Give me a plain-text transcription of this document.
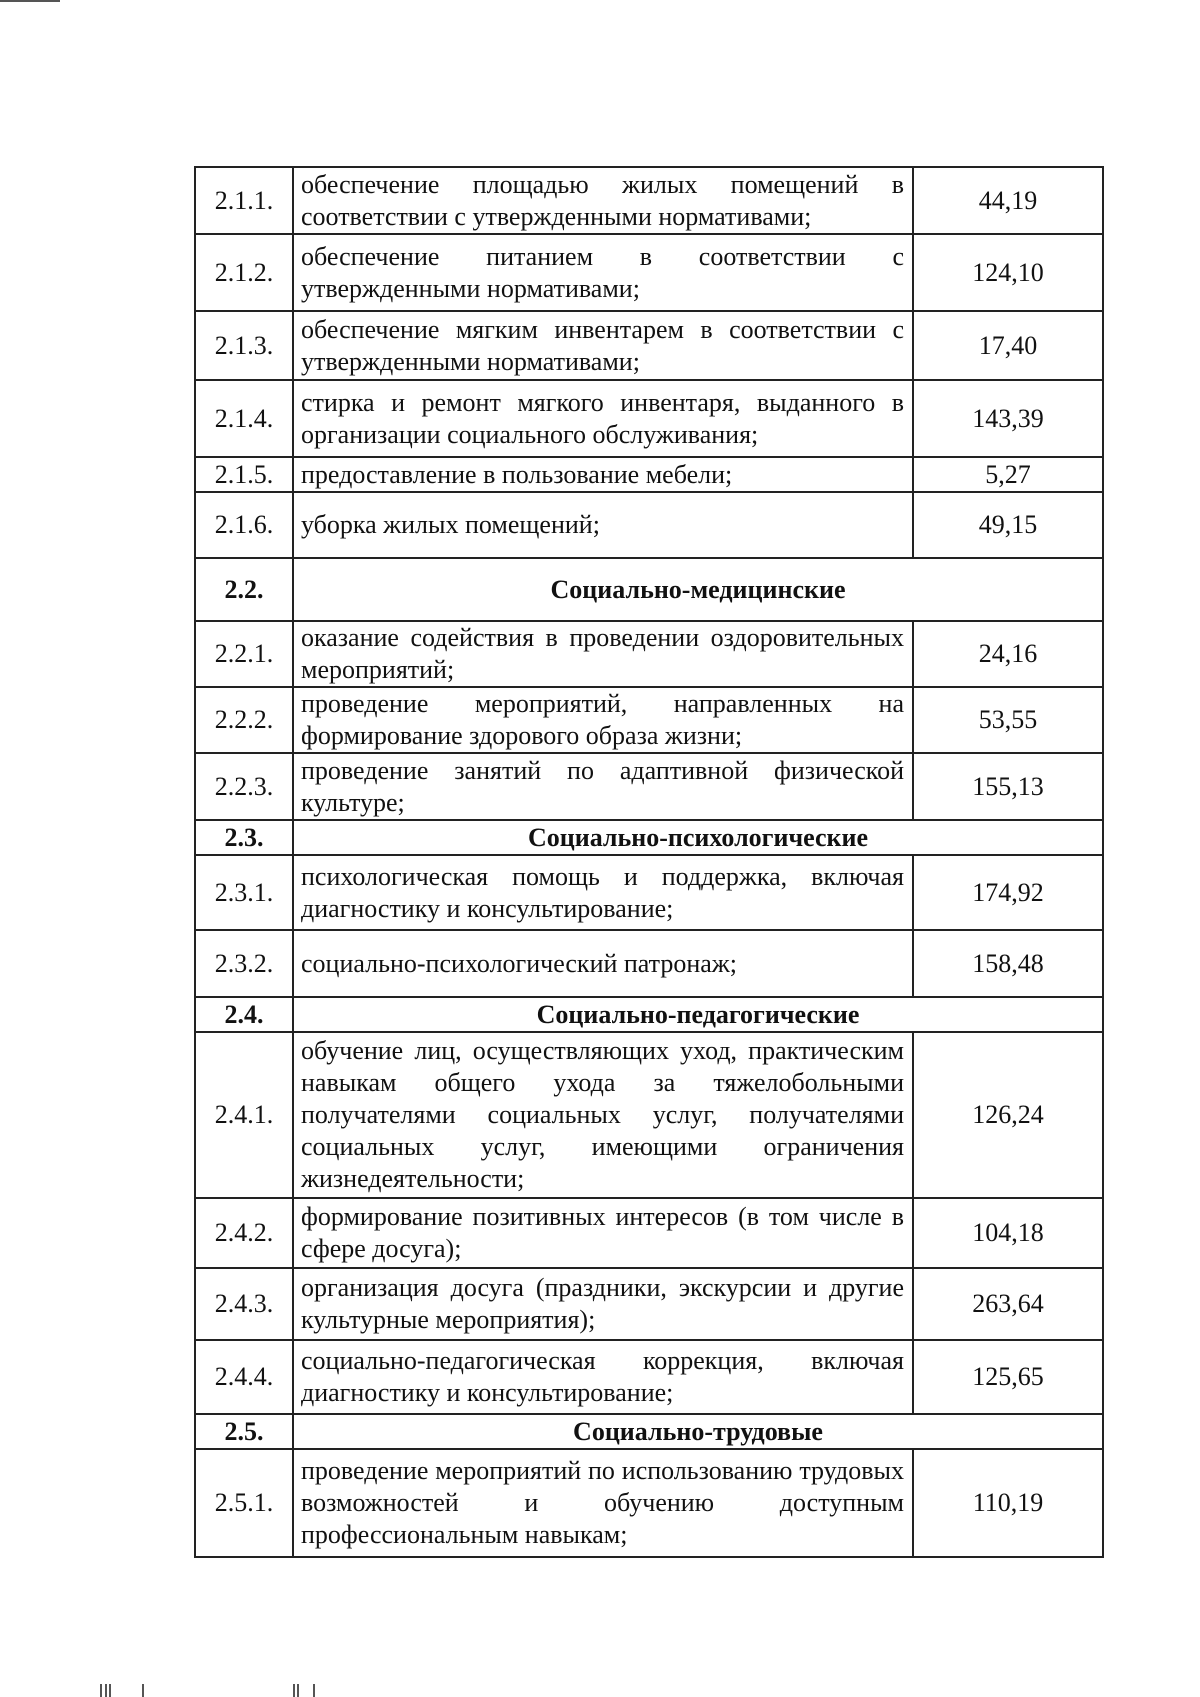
2.1.1.	обеспечение площадью жилых помещений в соответствии с утвержденными нормативами;	44,19
2.1.2.	обеспечение питанием в соответствии с утвержденными нормативами;	124,10
2.1.3.	обеспечение мягким инвентарем в соответствии с утвержденными нормативами;	17,40
2.1.4.	стирка и ремонт мягкого инвентаря, выданного в организации социального обслуживания;	143,39
2.1.5.	предоставление в пользование мебели;	5,27
2.1.6.	уборка жилых помещений;	49,15
2.2.	Социально-медицинские	
2.2.1.	оказание содействия в проведении оздоровительных мероприятий;	24,16
2.2.2.	проведение мероприятий, направленных на формирование здорового образа жизни;	53,55
2.2.3.	проведение занятий по адаптивной физической культуре;	155,13
2.3.	Социально-психологические	
2.3.1.	психологическая помощь и поддержка, включая диагностику и консультирование;	174,92
2.3.2.	социально-психологический патронаж;	158,48
2.4.	Социально-педагогические	
2.4.1.	обучение лиц, осуществляющих уход, практическим навыкам общего ухода за тяжелобольными получателями социальных услуг, получателями социальных услуг, имеющими ограничения жизнедеятельности;	126,24
2.4.2.	формирование позитивных интересов (в том числе в сфере досуга);	104,18
2.4.3.	организация досуга (праздники, экскурсии и другие культурные мероприятия);	263,64
2.4.4.	социально-педагогическая коррекция, включая диагностику и консультирование;	125,65
2.5.	Социально-трудовые	
2.5.1.	проведение мероприятий по использованию трудовых возможностей и обучению доступным профессиональным навыкам;	110,19
